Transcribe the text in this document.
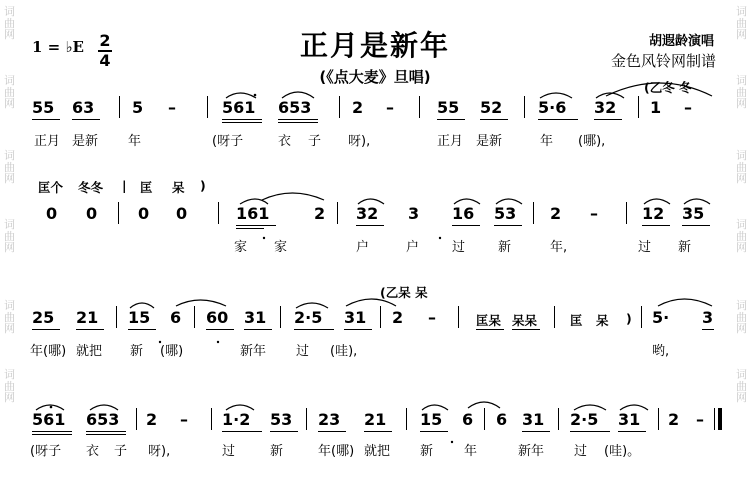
词曲网

词曲网
词曲网

词曲网
词曲网

词曲网
词曲网

词曲网
词曲网

词曲网
词曲网

词曲网
1 = ♭E 2
4	正月是新年
(《点大麦》旦唱)
胡遐龄演唱
金色风铃网制谱
55 63 5 –	561 653	2 –	55 52 5·6 32 1 –
正月 是新 年	(呀子	衣 子 呀),	正月 是新	年 (哪),
(乙冬 冬
匡个 冬冬 | 匡 呆 )
0 0	0 0	161	2 32 3 16 53 2 –	12 35
家 家	户	户	过	新	年,	过 新
(乙呆 呆
25 21 15 6 60 31 2·5 31 2 –	5· 3
匡呆 呆呆	匡 呆 )
年(哪) 就把 新 (哪)	新年 过 (哇),	哟,
561 653 2 – 1·2 53 23 21 15 6 6 31 2·5 31 2 –
(呀子 衣 子 呀),	过	新	年(哪) 就把 新 年	新年 过 (哇)。
